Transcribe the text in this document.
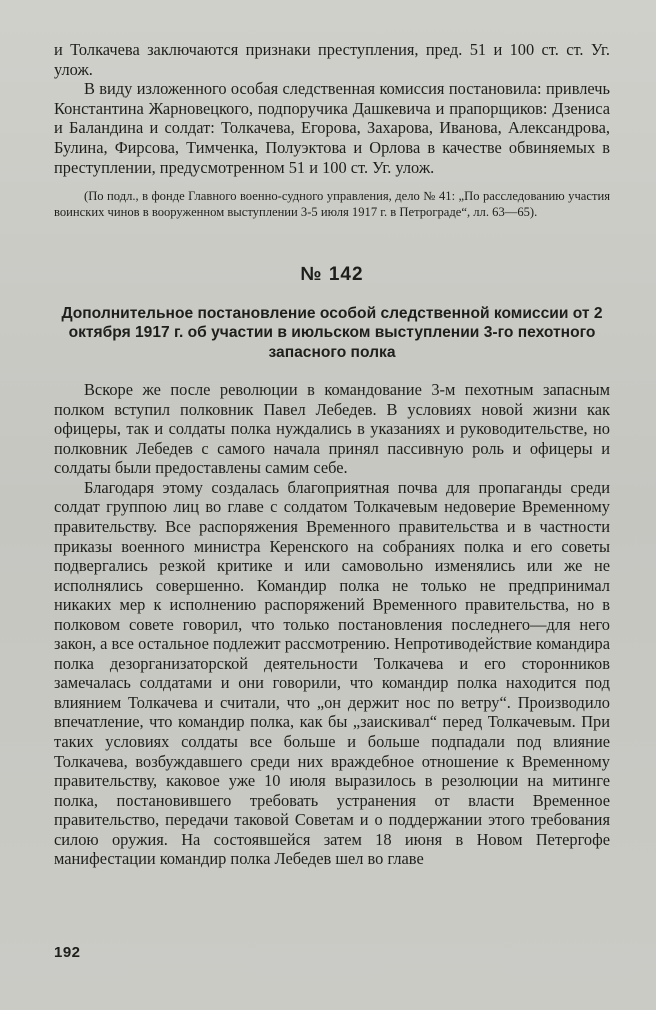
и Толкачева заключаются признаки преступления, пред. 51 и 100 ст. ст. Уг. улож.

В виду изложенного особая следственная комиссия постановила: привлечь Константина Жарновецкого, подпоручика Дашкевича и прапорщиков: Дзениса и Баландина и солдат: Толкачева, Егорова, Захарова, Иванова, Александрова, Булина, Фирсова, Тимченка, Полуэктова и Орлова в качестве обвиняемых в преступлении, предусмотренном 51 и 100 ст. Уг. улож.

(По подл., в фонде Главного военно-судного управления, дело № 41: „По расследованию участия воинских чинов в вооруженном выступлении 3-5 июля 1917 г. в Петрограде“, лл. 63—65).

№ 142
Дополнительное постановление особой следственной комиссии от 2 октября 1917 г. об участии в июльском выступлении 3-го пехотного запасного полка

Вскоре же после революции в командование 3-м пехотным запасным полком вступил полковник Павел Лебедев. В условиях новой жизни как офицеры, так и солдаты полка нуждались в указаниях и руководительстве, но полковник Лебедев с самого начала принял пассивную роль и офицеры и солдаты были предоставлены самим себе.

Благодаря этому создалась благоприятная почва для пропаганды среди солдат группою лиц во главе с солдатом Толкачевым недоверие Временному правительству. Все распоряжения Временного правительства и в частности приказы военного министра Керенского на собраниях полка и его советы подвергались резкой критике и или самовольно изменялись или же не исполнялись совершенно. Командир полка не только не предпринимал никаких мер к исполнению распоряжений Временного правительства, но в полковом совете говорил, что только постановления последнего—для него закон, а все остальное подлежит рассмотрению. Непротиводействие командира полка дезорганизаторской деятельности Толкачева и его сторонников замечалась солдатами и они говорили, что командир полка находится под влиянием Толкачева и считали, что „он держит нос по ветру“. Производило впечатление, что командир полка, как бы „заискивал“ перед Толкачевым. При таких условиях солдаты все больше и больше подпадали под влияние Толкачева, возбуждавшего среди них враждебное отношение к Временному правительству, каковое уже 10 июля выразилось в резолюции на митинге полка, постановившего требовать устранения от власти Временное правительство, передачи таковой Советам и о поддержании этого требования силою оружия. На состоявшейся затем 18 июня в Новом Петергофе манифестации командир полка Лебедев шел во главе

192
